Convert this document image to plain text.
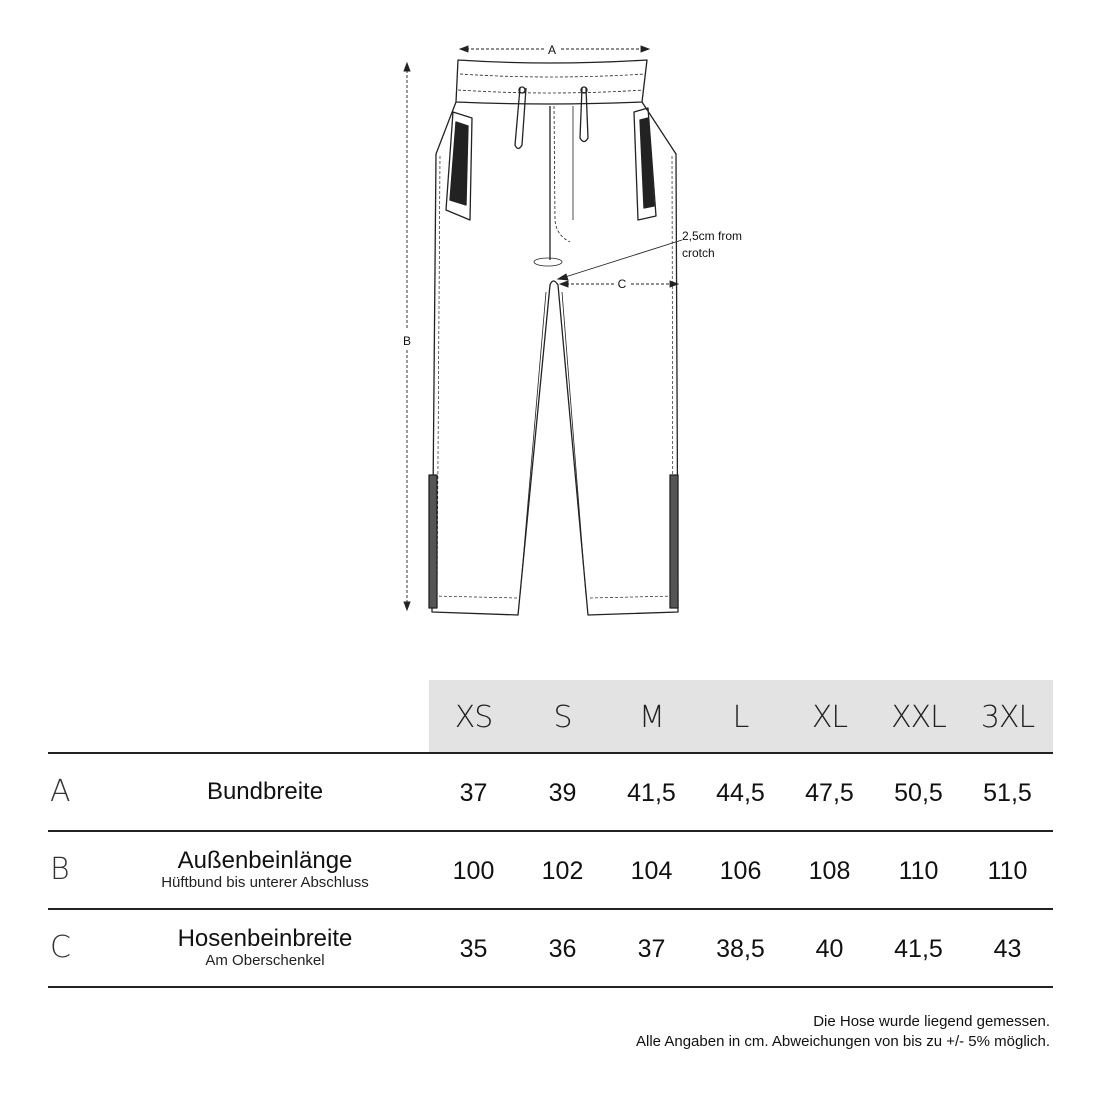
A
B
C
2,5cm from
crotch
XS	S	M	L	XL	XXL	3XL
A	Bundbreite	37	39	41,5	44,5	47,5	50,5	51,5
B	Außenbeinlänge
Hüftbund bis unterer Abschluss	100	102	104	106	108	110	110
C	Hosenbeinbreite
Am Oberschenkel	35	36	37	38,5	40	41,5	43
Die Hose wurde liegend gemessen.
Alle Angaben in cm. Abweichungen von bis zu +/- 5% möglich.
